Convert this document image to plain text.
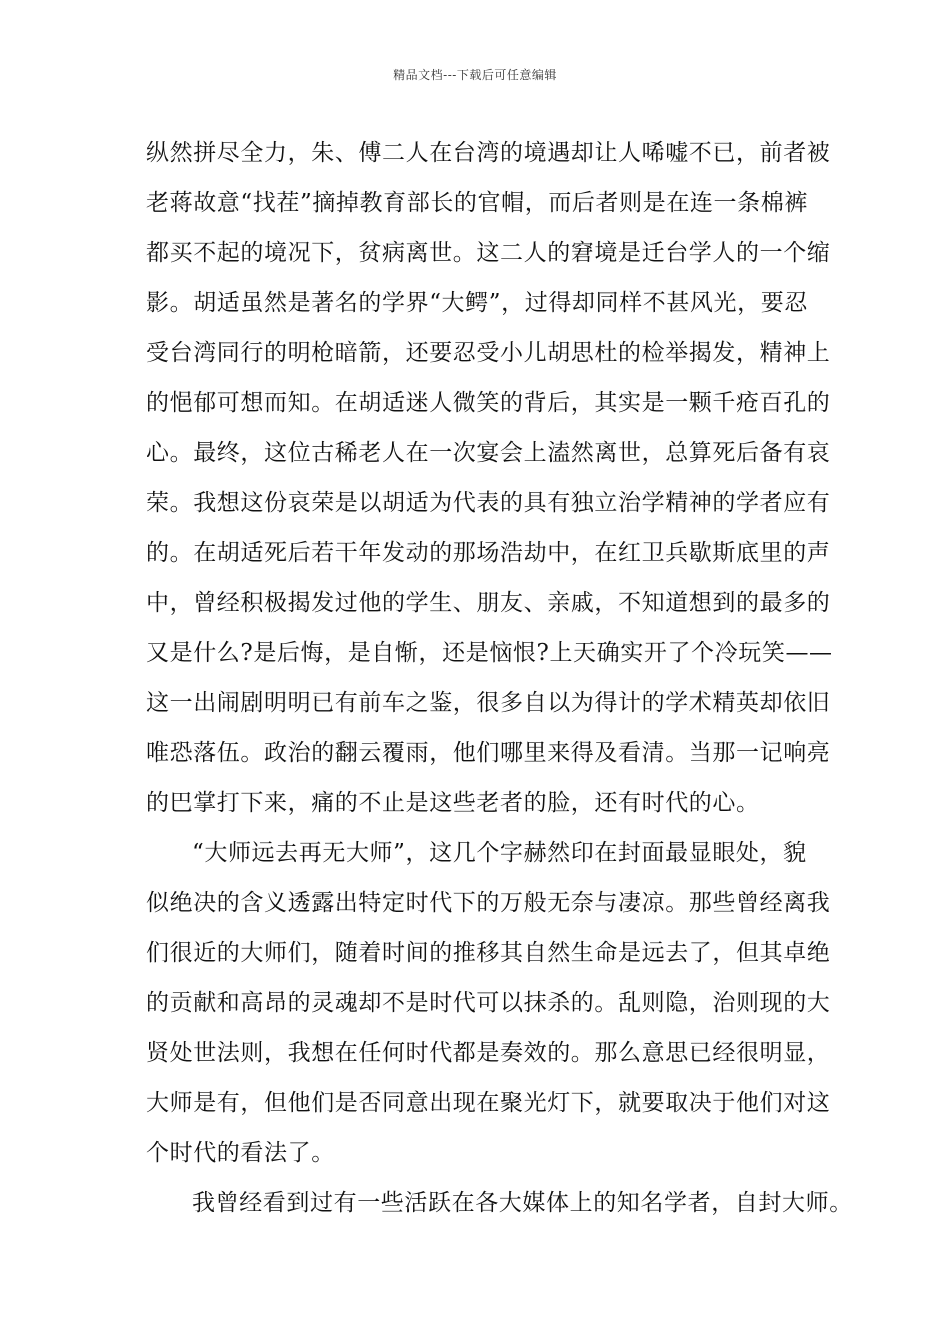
精品文档---下载后可任意编辑
纵然拼尽全力，朱、傅二人在台湾的境遇却让人唏嘘不已，前者被
老蒋故意“找茬”摘掉教育部长的官帽，而后者则是在连一条棉裤
都买不起的境况下，贫病离世。这二人的窘境是迁台学人的一个缩
影。胡适虽然是著名的学界“大鳄”，过得却同样不甚风光，要忍
受台湾同行的明枪暗箭，还要忍受小儿胡思杜的检举揭发，精神上
的悒郁可想而知。在胡适迷人微笑的背后，其实是一颗千疮百孔的
心。最终，这位古稀老人在一次宴会上溘然离世，总算死后备有哀
荣。我想这份哀荣是以胡适为代表的具有独立治学精神的学者应有
的。在胡适死后若干年发动的那场浩劫中，在红卫兵歇斯底里的声
中，曾经积极揭发过他的学生、朋友、亲戚，不知道想到的最多的
又是什么?是后悔，是自惭，还是恼恨?上天确实开了个冷玩笑——
这一出闹剧明明已有前车之鉴，很多自以为得计的学术精英却依旧
唯恐落伍。政治的翻云覆雨，他们哪里来得及看清。当那一记响亮
的巴掌打下来，痛的不止是这些老者的脸，还有时代的心。
“大师远去再无大师”，这几个字赫然印在封面最显眼处，貌
似绝决的含义透露出特定时代下的万般无奈与凄凉。那些曾经离我
们很近的大师们，随着时间的推移其自然生命是远去了，但其卓绝
的贡献和高昂的灵魂却不是时代可以抹杀的。乱则隐，治则现的大
贤处世法则，我想在任何时代都是奏效的。那么意思已经很明显，
大师是有，但他们是否同意出现在聚光灯下，就要取决于他们对这
个时代的看法了。
我曾经看到过有一些活跃在各大媒体上的知名学者，自封大师。
